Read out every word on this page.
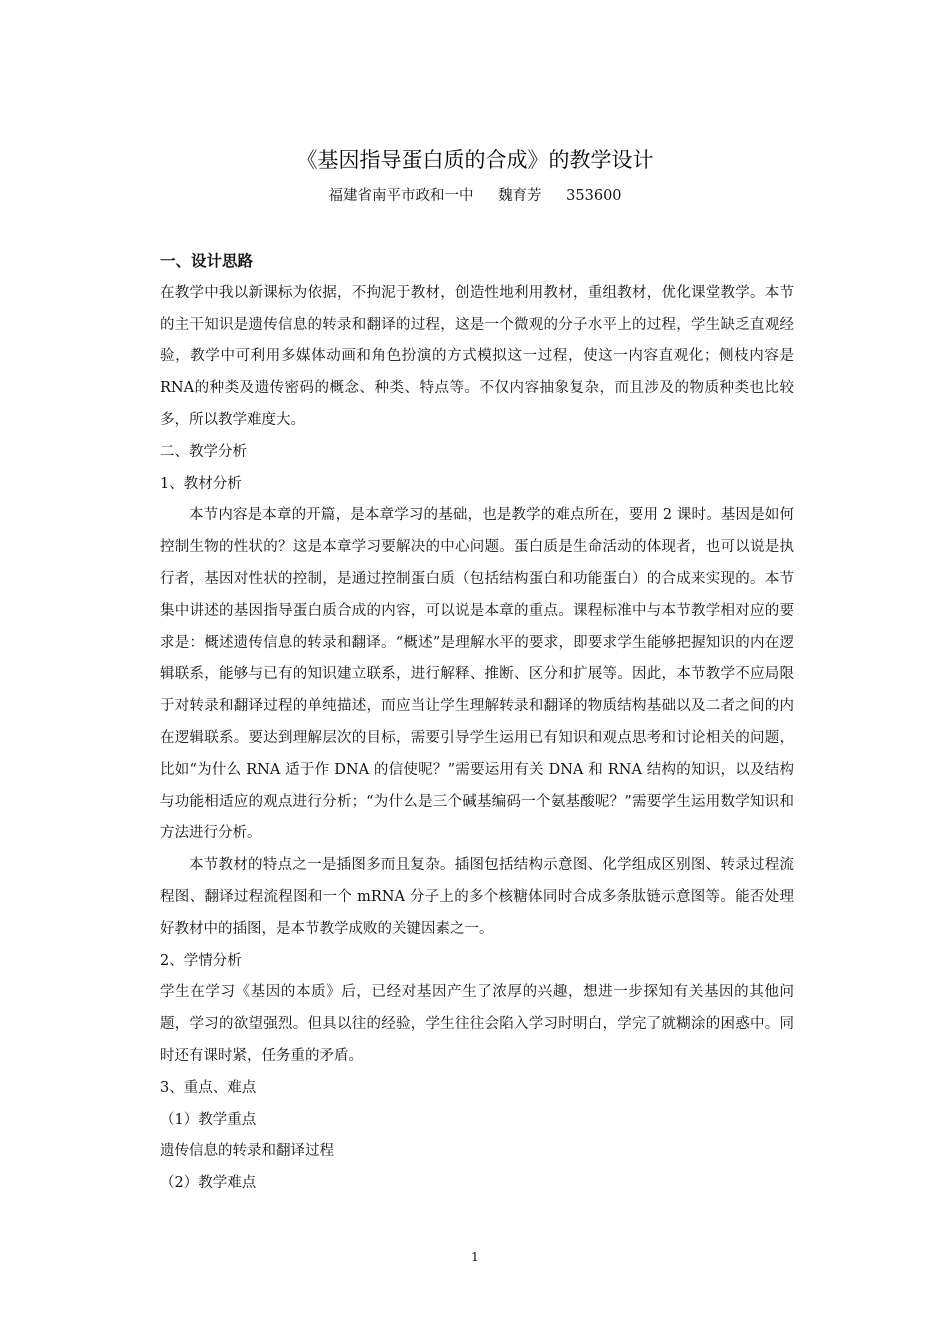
《基因指导蛋白质的合成》的教学设计
福建省南平市政和一中 魏育芳 353600

一、设计思路

在教学中我以新课标为依据，不拘泥于教材，创造性地利用教材，重组教材，优化课堂教学。本节的主干知识是遗传信息的转录和翻译的过程，这是一个微观的分子水平上的过程，学生缺乏直观经验，教学中可利用多媒体动画和角色扮演的方式模拟这一过程，使这一内容直观化；侧枝内容是RNA的种类及遗传密码的概念、种类、特点等。不仅内容抽象复杂，而且涉及的物质种类也比较多，所以教学难度大。

二、教学分析

1、教材分析

本节内容是本章的开篇，是本章学习的基础，也是教学的难点所在，要用 2 课时。基因是如何控制生物的性状的？这是本章学习要解决的中心问题。蛋白质是生命活动的体现者，也可以说是执行者，基因对性状的控制，是通过控制蛋白质（包括结构蛋白和功能蛋白）的合成来实现的。本节集中讲述的基因指导蛋白质合成的内容，可以说是本章的重点。课程标准中与本节教学相对应的要求是：概述遗传信息的转录和翻译。“概述”是理解水平的要求，即要求学生能够把握知识的内在逻辑联系，能够与已有的知识建立联系，进行解释、推断、区分和扩展等。因此，本节教学不应局限于对转录和翻译过程的单纯描述，而应当让学生理解转录和翻译的物质结构基础以及二者之间的内在逻辑联系。要达到理解层次的目标，需要引导学生运用已有知识和观点思考和讨论相关的问题，比如“为什么 RNA 适于作 DNA 的信使呢？”需要运用有关 DNA 和 RNA 结构的知识，以及结构与功能相适应的观点进行分析；“为什么是三个碱基编码一个氨基酸呢？”需要学生运用数学知识和方法进行分析。

本节教材的特点之一是插图多而且复杂。插图包括结构示意图、化学组成区别图、转录过程流程图、翻译过程流程图和一个 mRNA 分子上的多个核糖体同时合成多条肽链示意图等。能否处理好教材中的插图，是本节教学成败的关键因素之一。

2、学情分析

学生在学习《基因的本质》后，已经对基因产生了浓厚的兴趣，想进一步探知有关基因的其他问题，学习的欲望强烈。但具以往的经验，学生往往会陷入学习时明白，学完了就糊涂的困惑中。同时还有课时紧，任务重的矛盾。

3、重点、难点

（1）教学重点

遗传信息的转录和翻译过程

（2）教学难点

1
